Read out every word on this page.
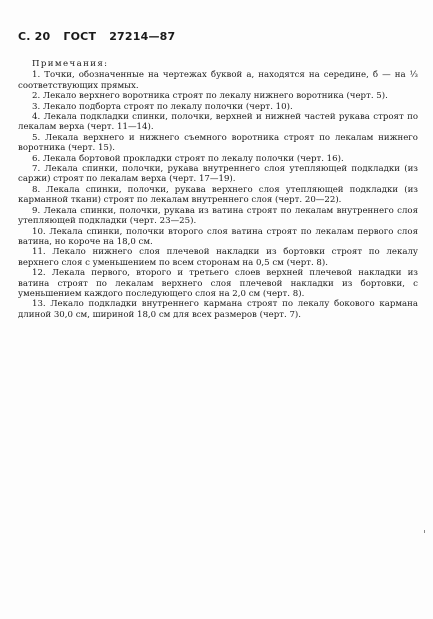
С. 20 ГОСТ 27214—87

Примечания:

1. Точки, обозначенные на чертежах буквой а, находятся на середине, б — на ⅓ соответствующих прямых.

2. Лекало верхнего воротника строят по лекалу нижнего воротника (черт. 5).

3. Лекало подборта строят по лекалу полочки (черт. 10).

4. Лекала подкладки спинки, полочки, верхней и нижней частей рукава строят по лекалам верха (черт. 11—14).

5. Лекала верхнего и нижнего съемного воротника строят по лекалам нижнего воротника (черт. 15).

6. Лекала бортовой прокладки строят по лекалу полочки (черт. 16).

7. Лекала спинки, полочки, рукава внутреннего слоя утепляющей подкладки (из саржи) строят по лекалам верха (черт. 17—19).

8. Лекала спинки, полочки, рукава верхнего слоя утепляющей подкладки (из карманной ткани) строят по лекалам внутреннего слоя (черт. 20—22).

9. Лекала спинки, полочки, рукава из ватина строят по лекалам внутреннего слоя утепляющей подкладки (черт. 23—25).

10. Лекала спинки, полочки второго слоя ватина строят по лекалам первого слоя ватина, но короче на 18,0 см.

11. Лекало нижнего слоя плечевой накладки из бортовки строят по лекалу верхнего слоя с уменьшением по всем сторонам на 0,5 см (черт. 8).

12. Лекала первого, второго и третьего слоев верхней плечевой накладки из ватина строят по лекалам верхнего слоя плечевой накладки из бортовки, с уменьшением каждого последующего слоя на 2,0 см (черт. 8).

13. Лекало подкладки внутреннего кармана строят по лекалу бокового кармана длиной 30,0 см, шириной 18,0 см для всех размеров (черт. 7).
